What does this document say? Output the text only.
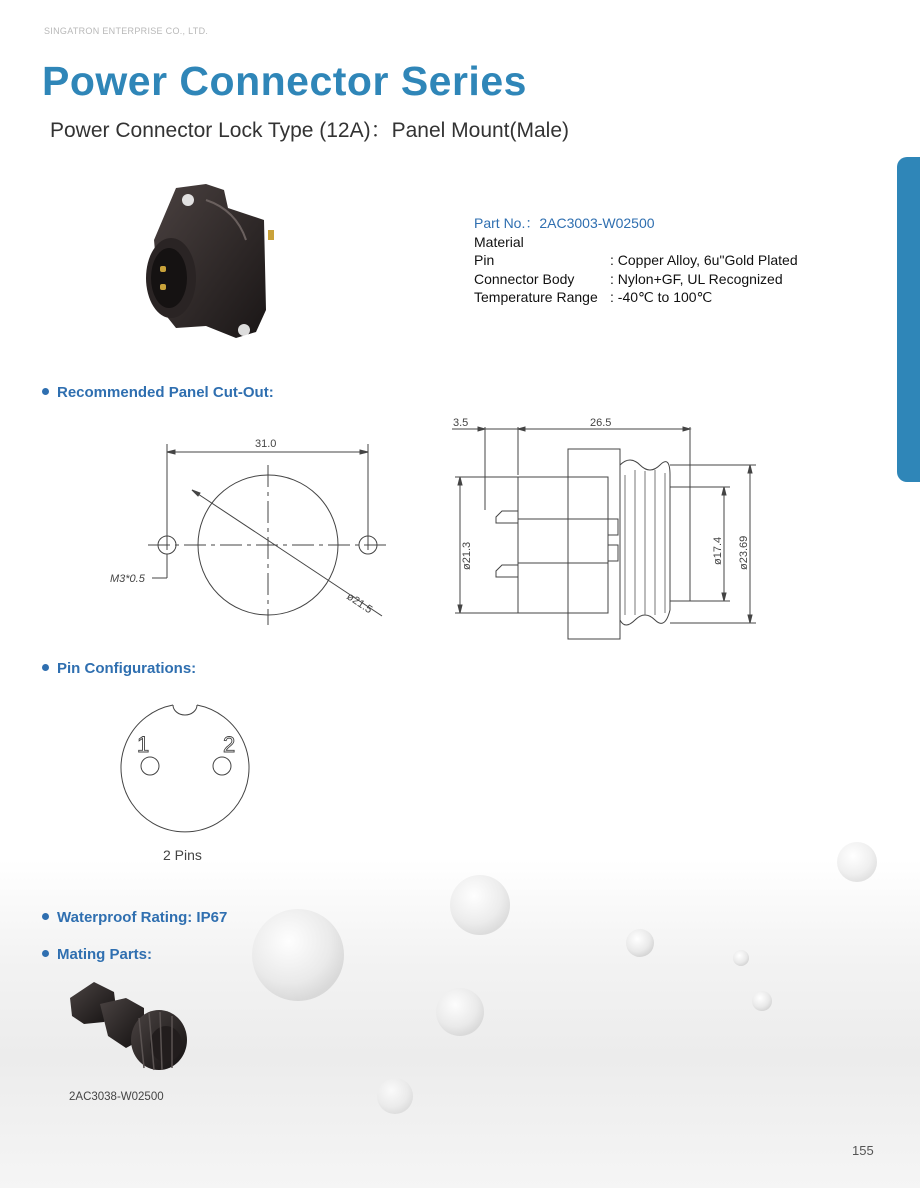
SINGATRON ENTERPRISE CO., LTD.
Power Connector Series
Power Connector Lock Type (12A)：Panel Mount(Male)
Part No.：2AC3003-W02500
Material
Pin	: Copper Alloy, 6u"Gold Plated
Connector Body	: Nylon+GF, UL Recognized
Temperature Range : -40℃ to 100℃
Recommended Panel Cut-Out:
31.0
M3*0.5
ø21.5
3.5	26.5
ø21.3	ø17.4 ø23.69
Pin Configurations:
1	2
2 Pins
Waterproof Rating: IP67
Mating Parts:
2AC3038-W02500
155
